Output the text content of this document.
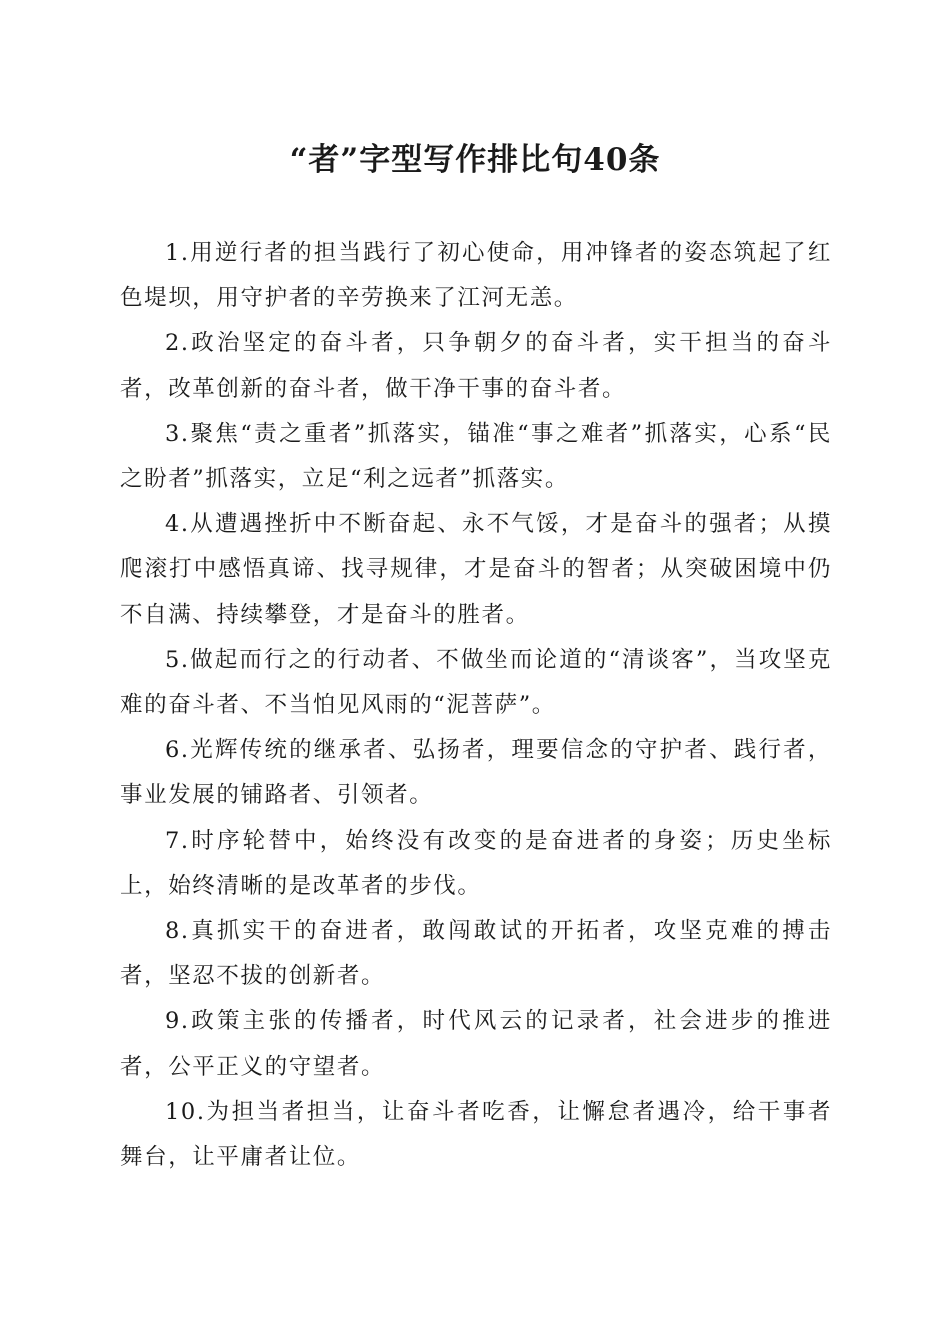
“者”字型写作排比句40条

1.用逆行者的担当践行了初心使命，用冲锋者的姿态筑起了红色堤坝，用守护者的辛劳换来了江河无恙。

2.政治坚定的奋斗者，只争朝夕的奋斗者，实干担当的奋斗者，改革创新的奋斗者，做干净干事的奋斗者。

3.聚焦“责之重者”抓落实，锚准“事之难者”抓落实，心系“民之盼者”抓落实，立足“利之远者”抓落实。

4.从遭遇挫折中不断奋起、永不气馁，才是奋斗的强者；从摸爬滚打中感悟真谛、找寻规律，才是奋斗的智者；从突破困境中仍不自满、持续攀登，才是奋斗的胜者。

5.做起而行之的行动者、不做坐而论道的“清谈客”，当攻坚克难的奋斗者、不当怕见风雨的“泥菩萨”。

6.光辉传统的继承者、弘扬者，理要信念的守护者、践行者，事业发展的铺路者、引领者。

7.时序轮替中，始终没有改变的是奋进者的身姿；历史坐标上，始终清晰的是改革者的步伐。

8.真抓实干的奋进者，敢闯敢试的开拓者，攻坚克难的搏击者，坚忍不拔的创新者。

9.政策主张的传播者，时代风云的记录者，社会进步的推进者，公平正义的守望者。

10.为担当者担当，让奋斗者吃香，让懈怠者遇冷，给干事者舞台，让平庸者让位。
